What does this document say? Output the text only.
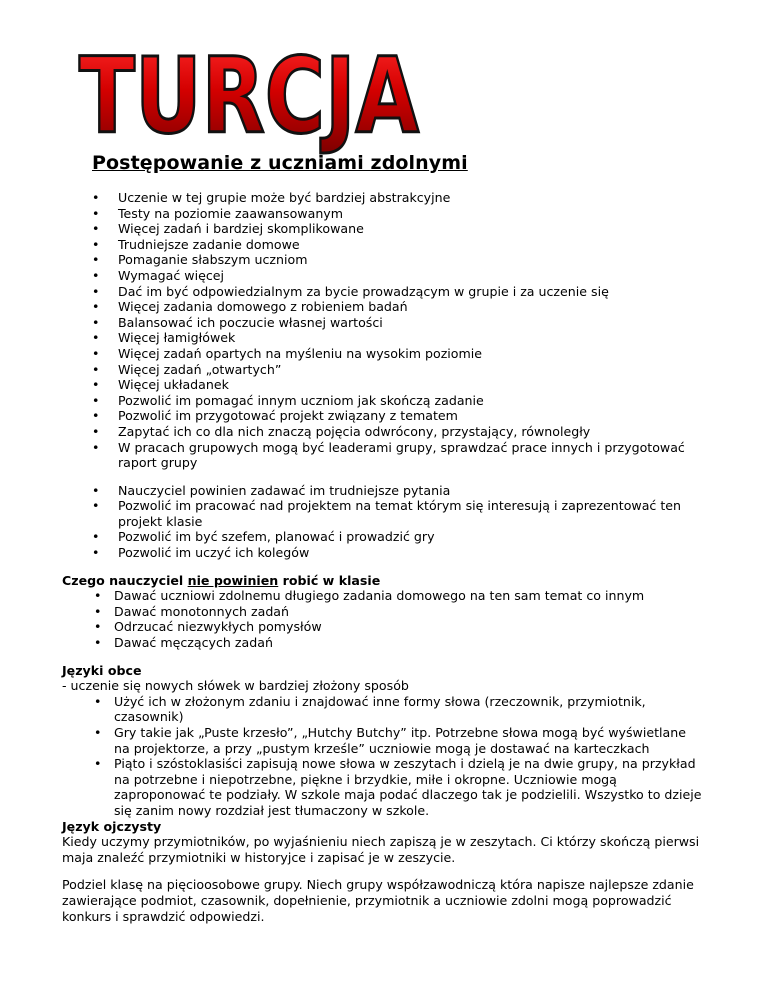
TURCJA
Postępowanie z uczniami zdolnymi
• Uczenie w tej grupie może być bardziej abstrakcyjne
• Testy na poziomie zaawansowanym
• Więcej zadań i bardziej skomplikowane
• Trudniejsze zadanie domowe
• Pomaganie słabszym uczniom
• Wymagać więcej
• Dać im być odpowiedzialnym za bycie prowadzącym w grupie i za uczenie się
• Więcej zadania domowego z robieniem badań
• Balansować ich poczucie własnej wartości
• Więcej łamigłówek
• Więcej zadań opartych na myśleniu na wysokim poziomie
• Więcej zadań „otwartych”
• Więcej układanek
• Pozwolić im pomagać innym uczniom jak skończą zadanie
• Pozwolić im przygotować projekt związany z tematem
• Zapytać ich co dla nich znaczą pojęcia odwrócony, przystający, równoległy
• W pracach grupowych mogą być leaderami grupy, sprawdzać prace innych i przygotować raport grupy
• Nauczyciel powinien zadawać im trudniejsze pytania
• Pozwolić im pracować nad projektem na temat którym się interesują i zaprezentować ten projekt klasie
• Pozwolić im być szefem, planować i prowadzić gry
• Pozwolić im uczyć ich kolegów

Czego nauczyciel nie powinien robić w klasie

• Dawać uczniowi zdolnemu długiego zadania domowego na ten sam temat co innym
• Dawać monotonnych zadań
• Odrzucać niezwykłych pomysłów
• Dawać męczących zadań

Języki obce

- uczenie się nowych słówek w bardziej złożony sposób

• Użyć ich w złożonym zdaniu i znajdować inne formy słowa (rzeczownik, przymiotnik, czasownik)
• Gry takie jak „Puste krzesło”, „Hutchy Butchy” itp. Potrzebne słowa mogą być wyświetlane na projektorze, a przy „pustym krześle” uczniowie mogą je dostawać na karteczkach
• Piąto i szóstoklasiści zapisują nowe słowa w zeszytach i dzielą je na dwie grupy, na przykład na potrzebne i niepotrzebne, piękne i brzydkie, miłe i okropne. Uczniowie mogą zaproponować te podziały. W szkole maja podać dlaczego tak je podzielili. Wszystko to dzieje się zanim nowy rozdział jest tłumaczony w szkole.

Język ojczysty

Kiedy uczymy przymiotników, po wyjaśnieniu niech zapiszą je w zeszytach. Ci którzy skończą pierwsi maja znaleźć przymiotniki w historyjce i zapisać je w zeszycie.

Podziel klasę na pięcioosobowe grupy. Niech grupy współzawodniczą która napisze najlepsze zdanie zawierające podmiot, czasownik, dopełnienie, przymiotnik a uczniowie zdolni mogą poprowadzić konkurs i sprawdzić odpowiedzi.
